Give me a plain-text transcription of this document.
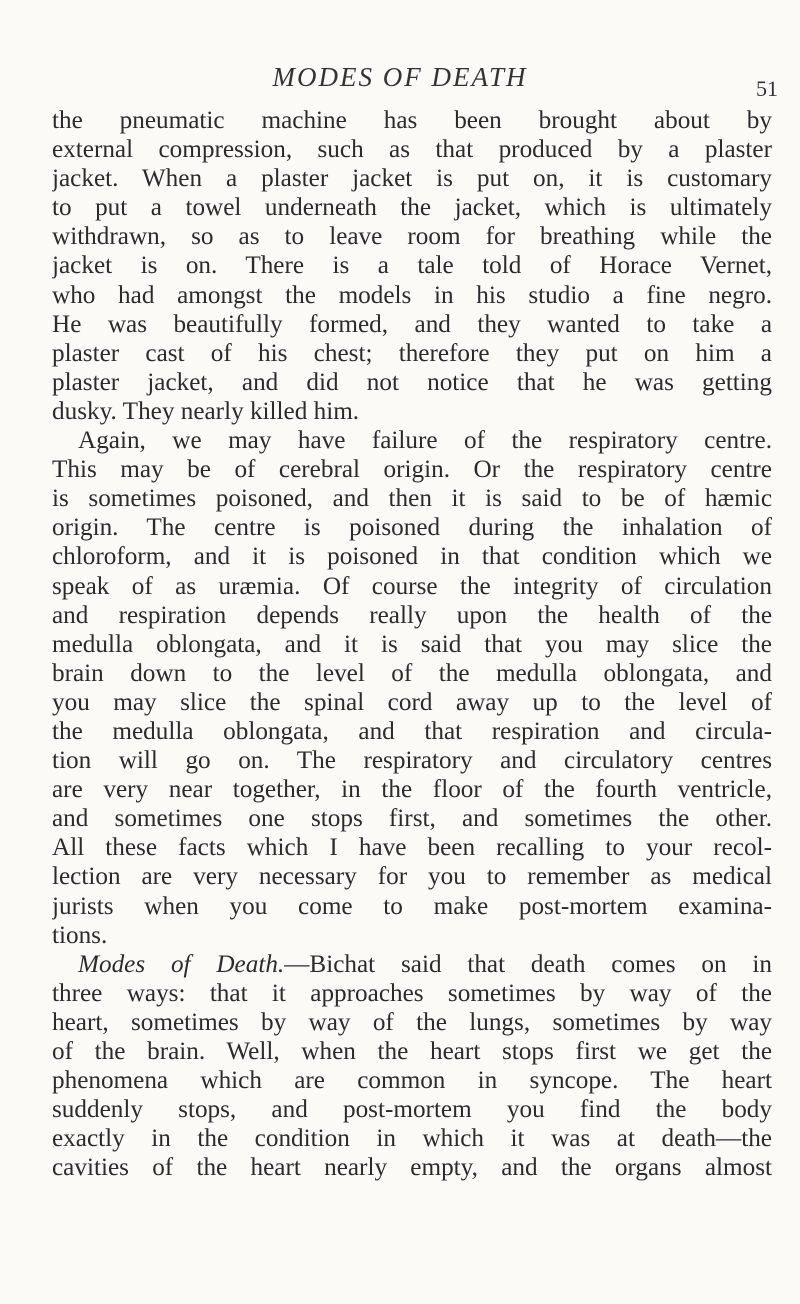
MODES OF DEATH	51
the pneumatic machine has been brought about by
external compression, such as that produced by a plaster
jacket. When a plaster jacket is put on, it is customary
to put a towel underneath the jacket, which is ultimately
withdrawn, so as to leave room for breathing while the
jacket is on. There is a tale told of Horace Vernet,
who had amongst the models in his studio a fine negro.
He was beautifully formed, and they wanted to take a
plaster cast of his chest; therefore they put on him a
plaster jacket, and did not notice that he was getting
dusky. They nearly killed him.
Again, we may have failure of the respiratory centre.
This may be of cerebral origin. Or the respiratory centre
is sometimes poisoned, and then it is said to be of hæmic
origin. The centre is poisoned during the inhalation of
chloroform, and it is poisoned in that condition which we
speak of as uræmia. Of course the integrity of circulation
and respiration depends really upon the health of the
medulla oblongata, and it is said that you may slice the
brain down to the level of the medulla oblongata, and
you may slice the spinal cord away up to the level of
the medulla oblongata, and that respiration and circula-
tion will go on. The respiratory and circulatory centres
are very near together, in the floor of the fourth ventricle,
and sometimes one stops first, and sometimes the other.
All these facts which I have been recalling to your recol-
lection are very necessary for you to remember as medical
jurists when you come to make post-mortem examina-
tions.
Modes of Death.—Bichat said that death comes on in
three ways: that it approaches sometimes by way of the
heart, sometimes by way of the lungs, sometimes by way
of the brain. Well, when the heart stops first we get the
phenomena which are common in syncope. The heart
suddenly stops, and post-mortem you find the body
exactly in the condition in which it was at death—the
cavities of the heart nearly empty, and the organs almost
